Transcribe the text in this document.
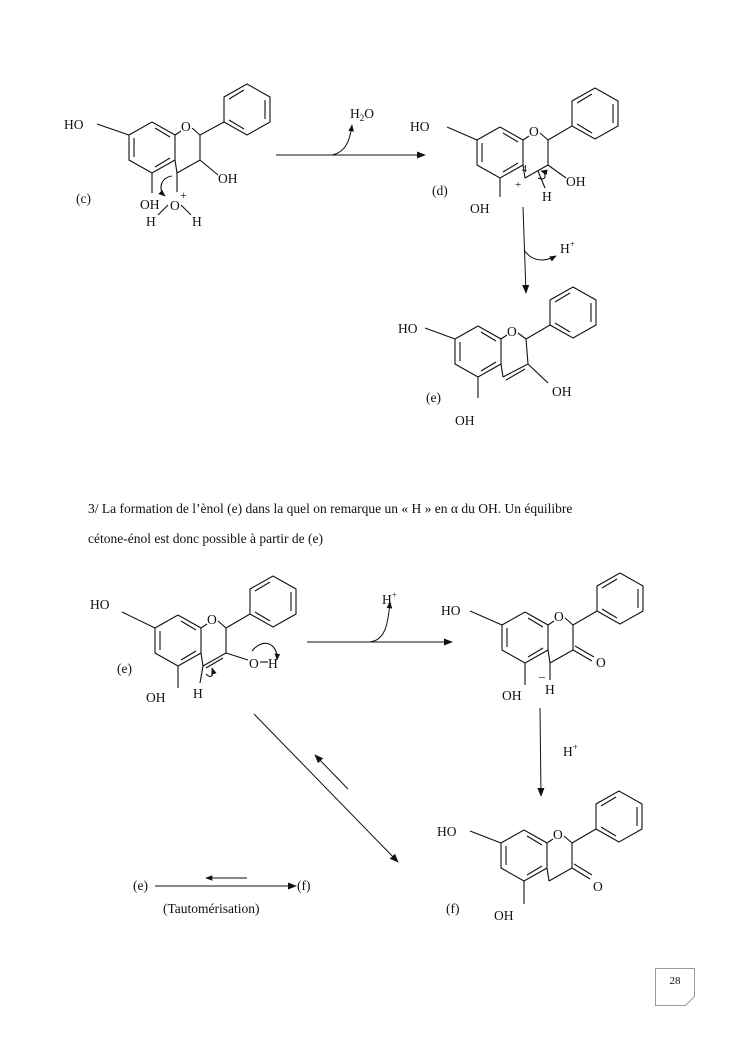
HO	O
OH
OH
(c)	O
+
H	H
$H_2O$
HO	O
4
+	OH
H
(d)
OH
H+
HO	O
OH
(e)
OH
HO
O
(e)	O H
OH H
H+
HO	O
O
–
H
OH
H+
HO	O
O
(f)	OH
(e)	(f)
(Tautomérisation)
3/ La formation de l’ènol (e) dans la quel on remarque un « H » en α du OH. Un équilibre
cétone-énol est donc possible à partir de (e)
28
